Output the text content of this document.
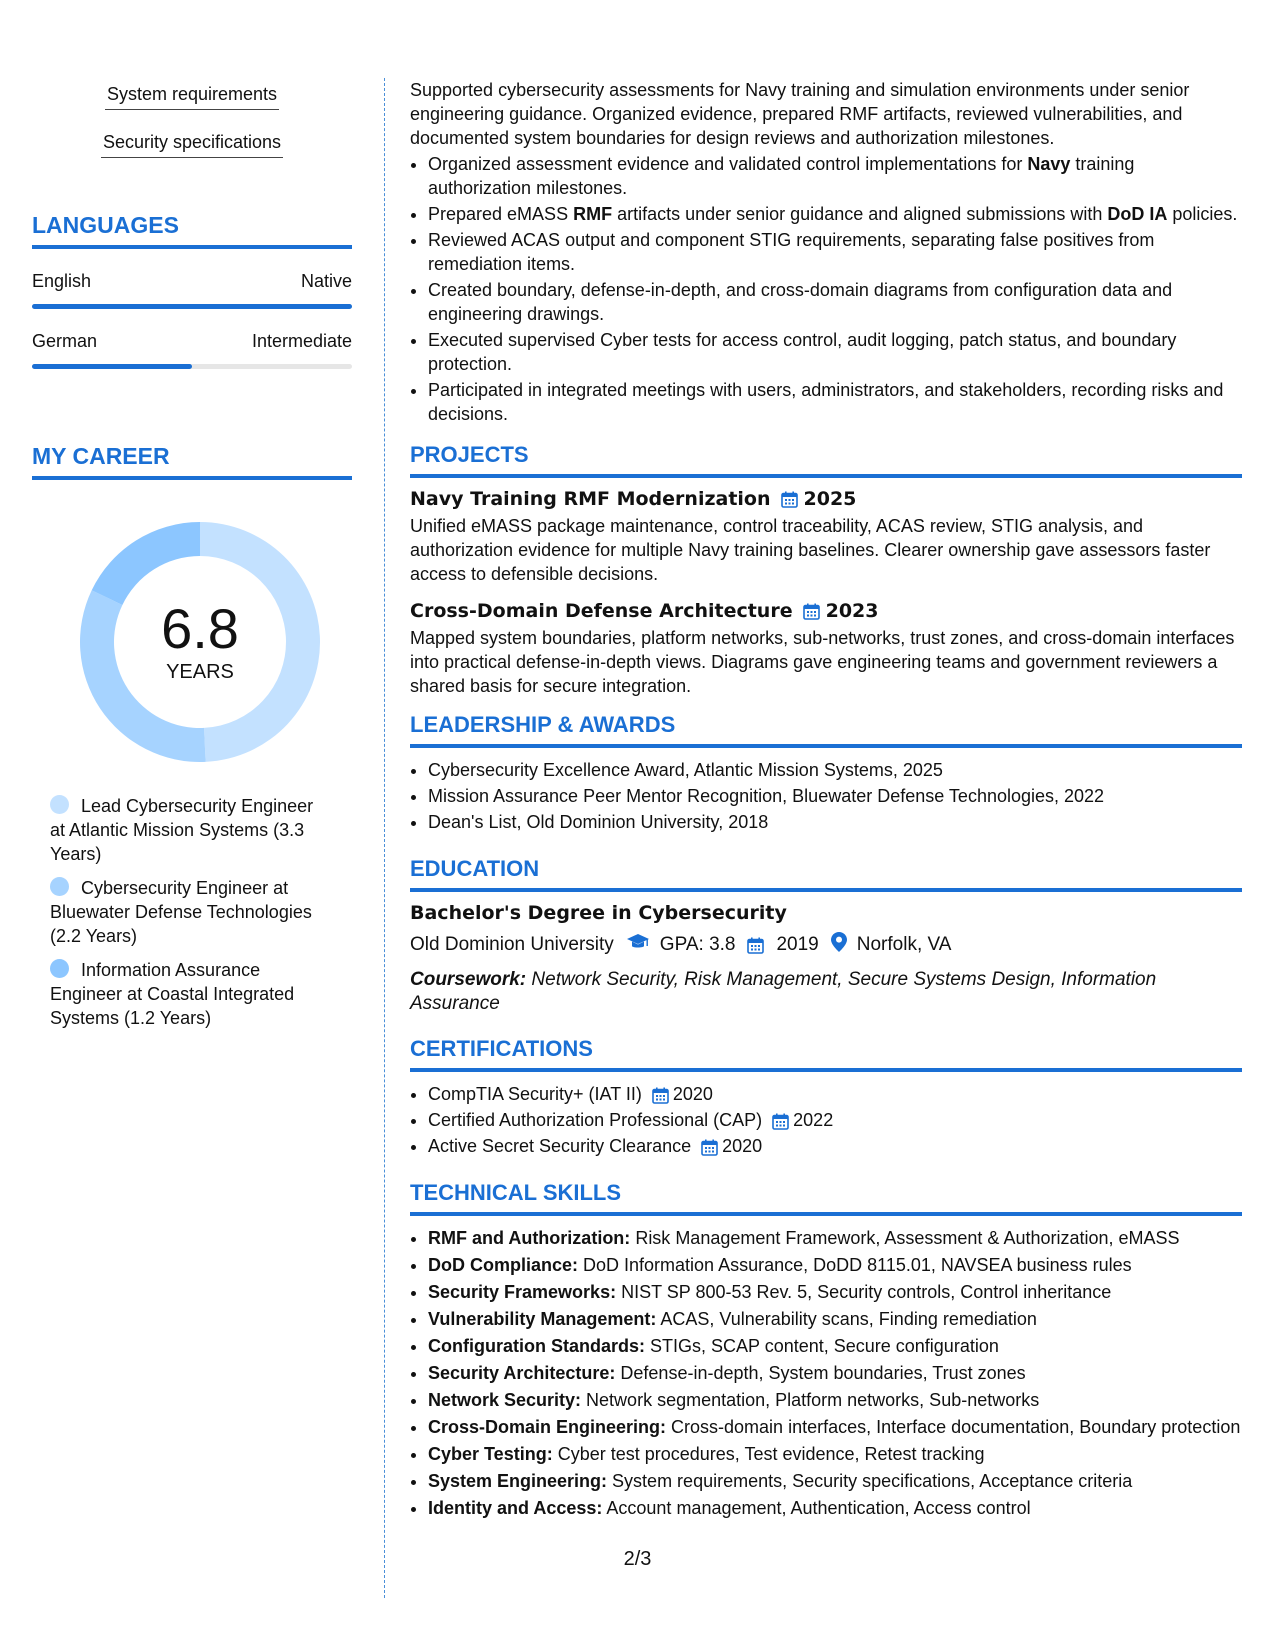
System requirements
Security specifications
LANGUAGES
English	Native
German	Intermediate
MY CAREER
6.8
YEARS
Lead Cybersecurity Engineer at Atlantic Mission Systems (3.3 Years)
Cybersecurity Engineer at Bluewater Defense Technologies (2.2 Years)
Information Assurance Engineer at Coastal Integrated Systems (1.2 Years)

Supported cybersecurity assessments for Navy training and simulation environments under senior engineering guidance. Organized evidence, prepared RMF artifacts, reviewed vulnerabilities, and documented system boundaries for design reviews and authorization milestones.

• Organized assessment evidence and validated control implementations for Navy training authorization milestones.
• Prepared eMASS RMF artifacts under senior guidance and aligned submissions with DoD IA policies.
• Reviewed ACAS output and component STIG requirements, separating false positives from remediation items.
• Created boundary, defense-in-depth, and cross-domain diagrams from configuration data and engineering drawings.
• Executed supervised Cyber tests for access control, audit logging, patch status, and boundary protection.
• Participated in integrated meetings with users, administrators, and stakeholders, recording risks and decisions.
PROJECTS
Navy Training RMF Modernization 2025

Unified eMASS package maintenance, control traceability, ACAS review, STIG analysis, and authorization evidence for multiple Navy training baselines. Clearer ownership gave assessors faster access to defensible decisions.

Cross-Domain Defense Architecture 2023

Mapped system boundaries, platform networks, sub-networks, trust zones, and cross-domain interfaces into practical defense-in-depth views. Diagrams gave engineering teams and government reviewers a shared basis for secure integration.

LEADERSHIP & AWARDS
• Cybersecurity Excellence Award, Atlantic Mission Systems, 2025
• Mission Assurance Peer Mentor Recognition, Bluewater Defense Technologies, 2022
• Dean's List, Old Dominion University, 2018
EDUCATION
Bachelor's Degree in Cybersecurity
Old Dominion University GPA: 3.8 2019 Norfolk, VA

Coursework: Network Security, Risk Management, Secure Systems Design, Information Assurance

CERTIFICATIONS
• CompTIA Security+ (IAT II) 2020
• Certified Authorization Professional (CAP) 2022
• Active Secret Security Clearance 2020
TECHNICAL SKILLS
• RMF and Authorization: Risk Management Framework, Assessment & Authorization, eMASS
• DoD Compliance: DoD Information Assurance, DoDD 8115.01, NAVSEA business rules
• Security Frameworks: NIST SP 800-53 Rev. 5, Security controls, Control inheritance
• Vulnerability Management: ACAS, Vulnerability scans, Finding remediation
• Configuration Standards: STIGs, SCAP content, Secure configuration
• Security Architecture: Defense-in-depth, System boundaries, Trust zones
• Network Security: Network segmentation, Platform networks, Sub-networks
• Cross-Domain Engineering: Cross-domain interfaces, Interface documentation, Boundary protection
• Cyber Testing: Cyber test procedures, Test evidence, Retest tracking
• System Engineering: System requirements, Security specifications, Acceptance criteria
• Identity and Access: Account management, Authentication, Access control
2/3
